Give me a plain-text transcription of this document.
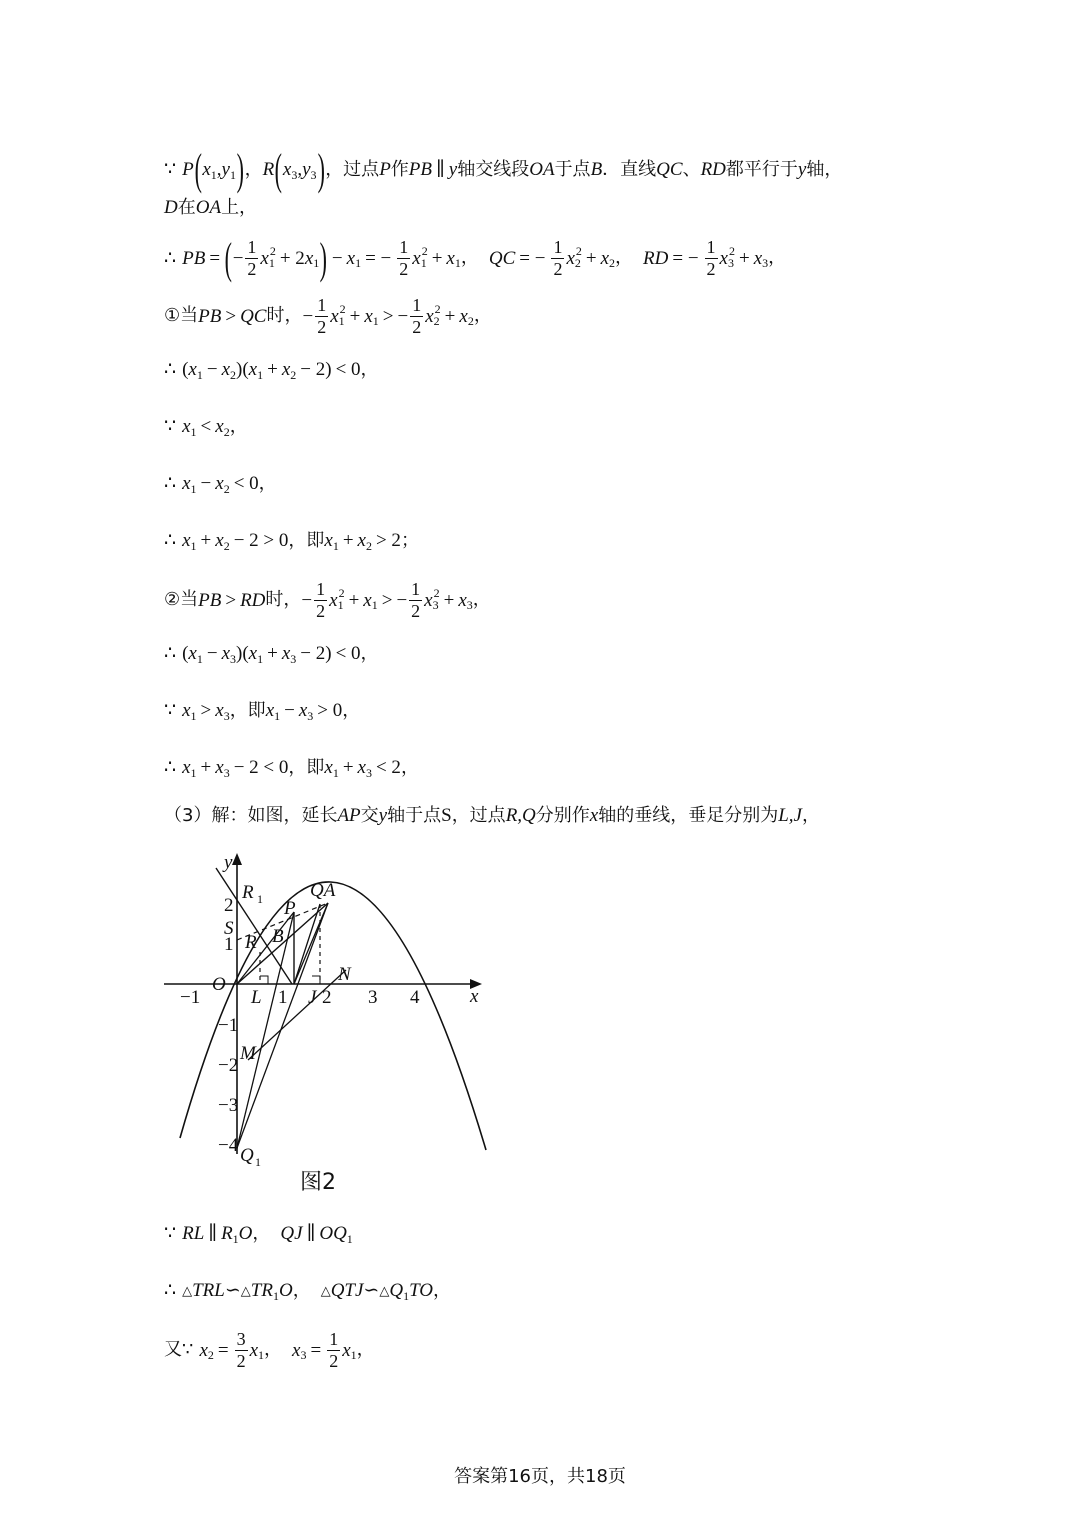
∵ P ( x 1 , y 1 ) ， R ( x 3 , y 3 ) ，过点 P 作 PB ∥ y 轴交线段 OA 于点 B ．直线 QC 、 RD 都平行于 y 轴，
D 在 OA 上，
∴ PB = ( − $\frac{1}{2}$ x 1
2 + 2 x 1 ) − x 1 = − $\frac{1}{2}$ x 1
2 + x 1 ， QC = − $\frac{1}{2}$ x 2
2 + x 2 ， RD = − $\frac{1}{2}$ x 3
2 + x 3 ，
①当 PB > QC 时， − $\frac{1}{2}$ x 1
2 + x 1 > − $\frac{1}{2}$ x 2
2 + x 2 ，
∴ ( x 1 − x 2 )( x 1 + x 2 − 2 ) < 0 ，
∵ x 1 < x 2 ，
∴ x 1 − x 2 < 0 ，
∴ x 1 + x 2 − 2 > 0 ，即 x 1 + x 2 > 2 ；
②当 PB > RD 时， − $\frac{1}{2}$ x 1
2 + x 1 > − $\frac{1}{2}$ x 3
2 + x 3 ，
∴ ( x 1 − x 3 )( x 1 + x 3 − 2 ) < 0 ，
∵ x 1 > x 3 ，即 x 1 − x 3 > 0 ，
∴ x 1 + x 3 − 2 < 0 ，即 x 1 + x 3 < 2 ，
（3）解：如图，延长 AP 交 y 轴于点 S ，过点 R,Q 分别作 x 轴的垂线，垂足分别为 L,J ，
y
x
O
R 1 P
QA
S
R B
L J
N
M
Q 1
−1	1 2 3 4
2
1
−1
−2
−3
−4
图2
∵ RL ∥ R 1 O ， QJ ∥ OQ 1
∴ △ TRL ∽ △ TR 1 O ， △ QTJ ∽ △ Q 1 TO ，
又∵ x $2 = \frac{3}{2}$ x 1 ， x $3 = \frac{1}{2}$ x 1 ，
答案第16页，共18页
